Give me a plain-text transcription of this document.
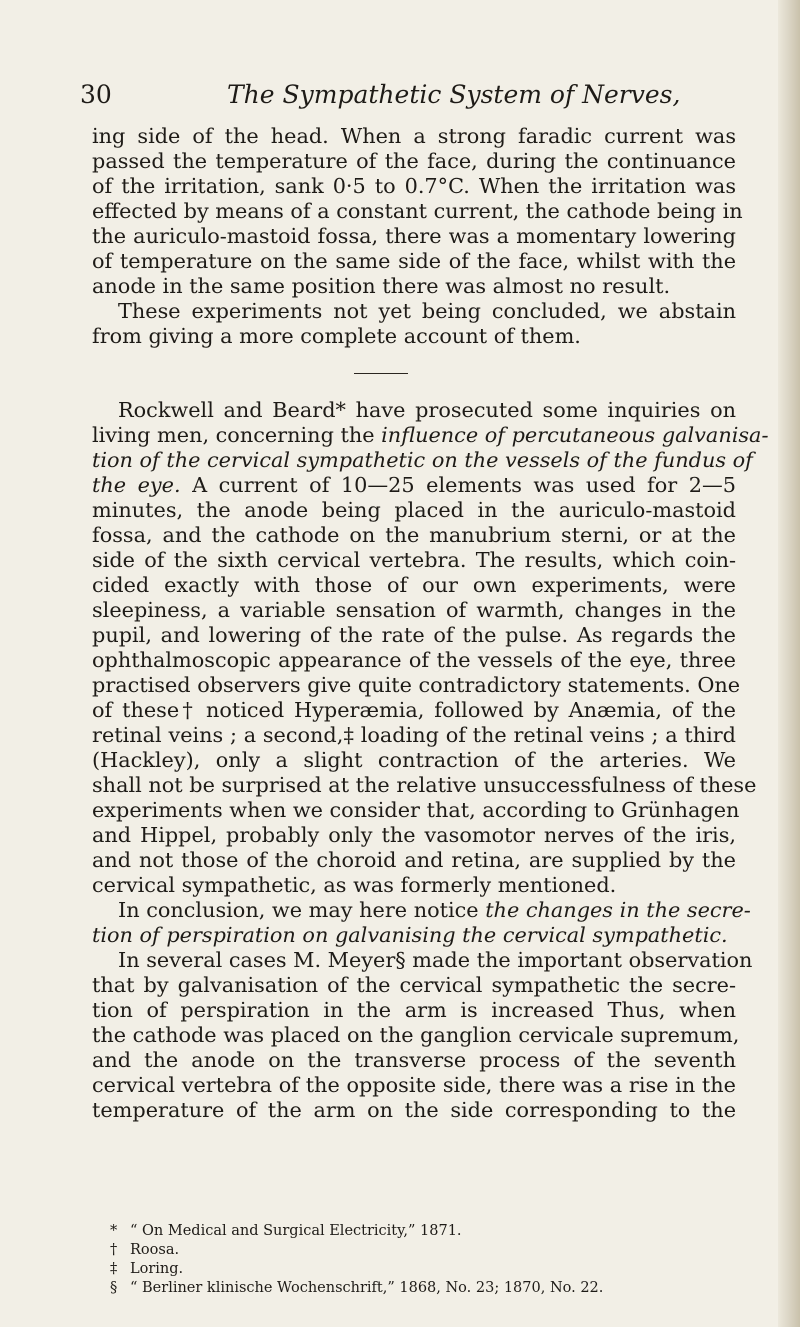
30	The Sympathetic System of Nerves,
ing side of the head. When a strong faradic current was
passed the temperature of the face, during the continuance
of the irritation, sank 0·5 to 0.7°C. When the irritation was
effected by means of a constant current, the cathode being in
the auriculo-mastoid fossa, there was a momentary lowering
of temperature on the same side of the face, whilst with the
anode in the same position there was almost no result.
These experiments not yet being concluded, we abstain
from giving a more complete account of them.
Rockwell and Beard* have prosecuted some inquiries on
living men, concerning the influence of percutaneous galvanisa-
tion of the cervical sympathetic on the vessels of the fundus of
the eye. A current of 10—25 elements was used for 2—5
minutes, the anode being placed in the auriculo-mastoid
fossa, and the cathode on the manubrium sterni, or at the
side of the sixth cervical vertebra. The results, which coin-
cided exactly with those of our own experiments, were
sleepiness, a variable sensation of warmth, changes in the
pupil, and lowering of the rate of the pulse. As regards the
ophthalmoscopic appearance of the vessels of the eye, three
practised observers give quite contradictory statements. One
of these† noticed Hyperæmia, followed by Anæmia, of the
retinal veins ; a second,‡ loading of the retinal veins ; a third
(Hackley), only a slight contraction of the arteries. We
shall not be surprised at the relative unsuccessfulness of these
experiments when we consider that, according to Grünhagen
and Hippel, probably only the vasomotor nerves of the iris,
and not those of the choroid and retina, are supplied by the
cervical sympathetic, as was formerly mentioned.
In conclusion, we may here notice the changes in the secre-
tion of perspiration on galvanising the cervical sympathetic.
In several cases M. Meyer§ made the important observation
that by galvanisation of the cervical sympathetic the secre-
tion of perspiration in the arm is increased Thus, when
the cathode was placed on the ganglion cervicale supremum,
and the anode on the transverse process of the seventh
cervical vertebra of the opposite side, there was a rise in the
temperature of the arm on the side corresponding to the
* “ On Medical and Surgical Electricity,” 1871.
† Roosa.
‡ Loring.
§ “ Berliner klinische Wochenschrift,” 1868, No. 23; 1870, No. 22.
